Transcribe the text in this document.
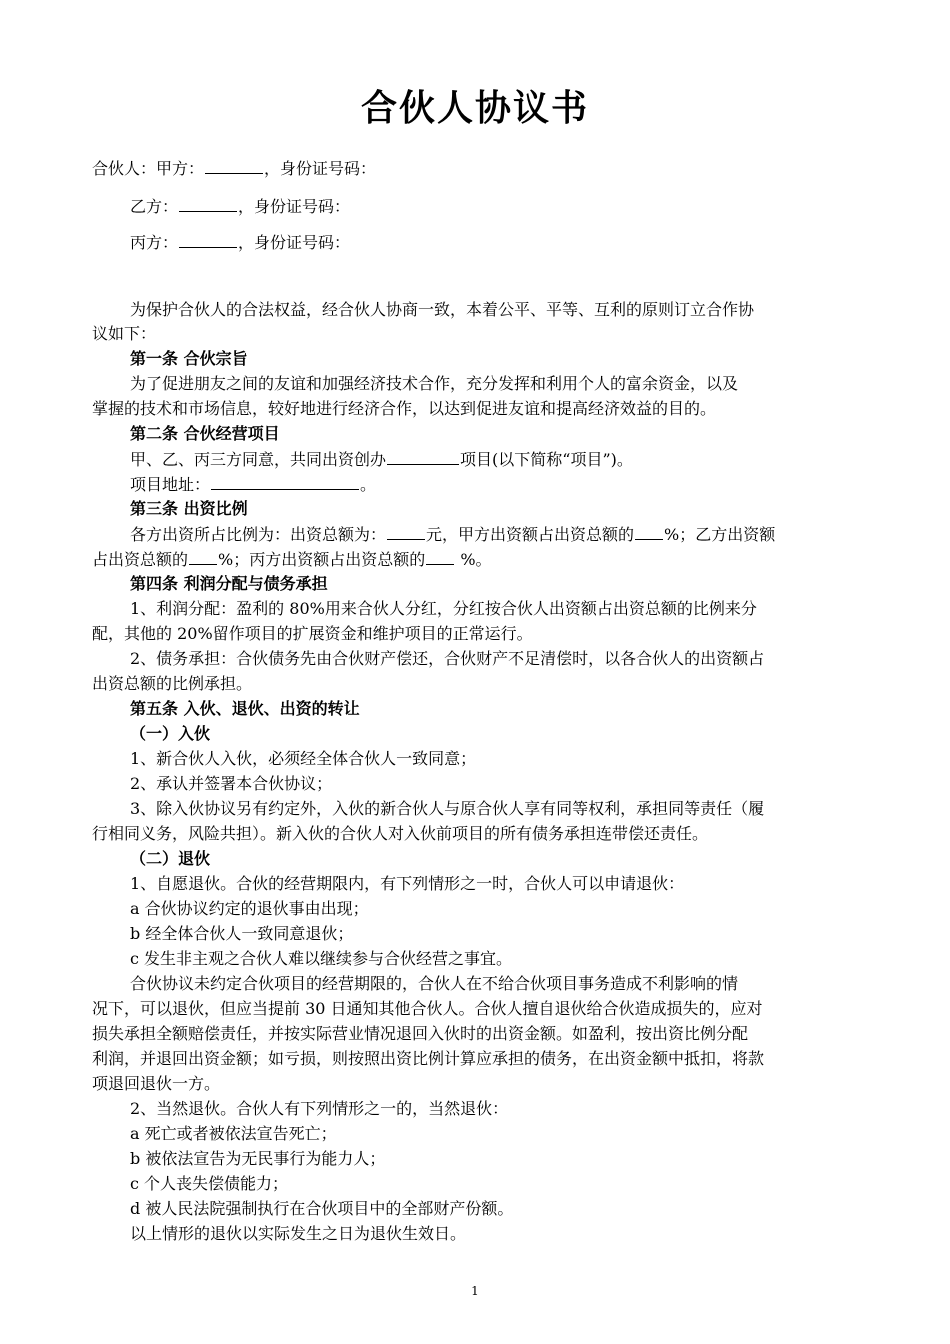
合伙人协议书
合伙人：甲方：	，身份证号码：
乙方：	，身份证号码：
丙方：	，身份证号码：
为保护合伙人的合法权益，经合伙人协商一致，本着公平、平等、互利的原则订立合作协
议如下：
第一条 合伙宗旨
为了促进朋友之间的友谊和加强经济技术合作，充分发挥和利用个人的富余资金，以及
掌握的技术和市场信息，较好地进行经济合作，以达到促进友谊和提高经济效益的目的。
第二条 合伙经营项目
甲、乙、丙三方同意，共同出资创办	项目(以下简称“项目”)。
项目地址：	。
第三条 出资比例
各方出资所占比例为：出资总额为：	元，甲方出资额占出资总额的 %；乙方出资额
占出资总额的 %；丙方出资额占出资总额的 %。
第四条 利润分配与债务承担
1、利润分配：盈利的 80%用来合伙人分红，分红按合伙人出资额占出资总额的比例来分
配，其他的 20%留作项目的扩展资金和维护项目的正常运行。
2、债务承担：合伙债务先由合伙财产偿还，合伙财产不足清偿时，以各合伙人的出资额占
出资总额的比例承担。
第五条 入伙、退伙、出资的转让
（一）入伙
1、新合伙人入伙，必须经全体合伙人一致同意；
2、承认并签署本合伙协议；
3、除入伙协议另有约定外，入伙的新合伙人与原合伙人享有同等权利，承担同等责任（履
行相同义务，风险共担）。新入伙的合伙人对入伙前项目的所有债务承担连带偿还责任。
（二）退伙
1、自愿退伙。合伙的经营期限内，有下列情形之一时，合伙人可以申请退伙：
a 合伙协议约定的退伙事由出现；
b 经全体合伙人一致同意退伙；
c 发生非主观之合伙人难以继续参与合伙经营之事宜。
合伙协议未约定合伙项目的经营期限的，合伙人在不给合伙项目事务造成不利影响的情
况下，可以退伙，但应当提前 30 日通知其他合伙人。合伙人擅自退伙给合伙造成损失的，应对
损失承担全额赔偿责任，并按实际营业情况退回入伙时的出资金额。如盈利，按出资比例分配
利润，并退回出资金额；如亏损，则按照出资比例计算应承担的债务，在出资金额中抵扣，将款
项退回退伙一方。
2、当然退伙。合伙人有下列情形之一的，当然退伙：
a 死亡或者被依法宣告死亡；
b 被依法宣告为无民事行为能力人；
c 个人丧失偿债能力；
d 被人民法院强制执行在合伙项目中的全部财产份额。
以上情形的退伙以实际发生之日为退伙生效日。
1
